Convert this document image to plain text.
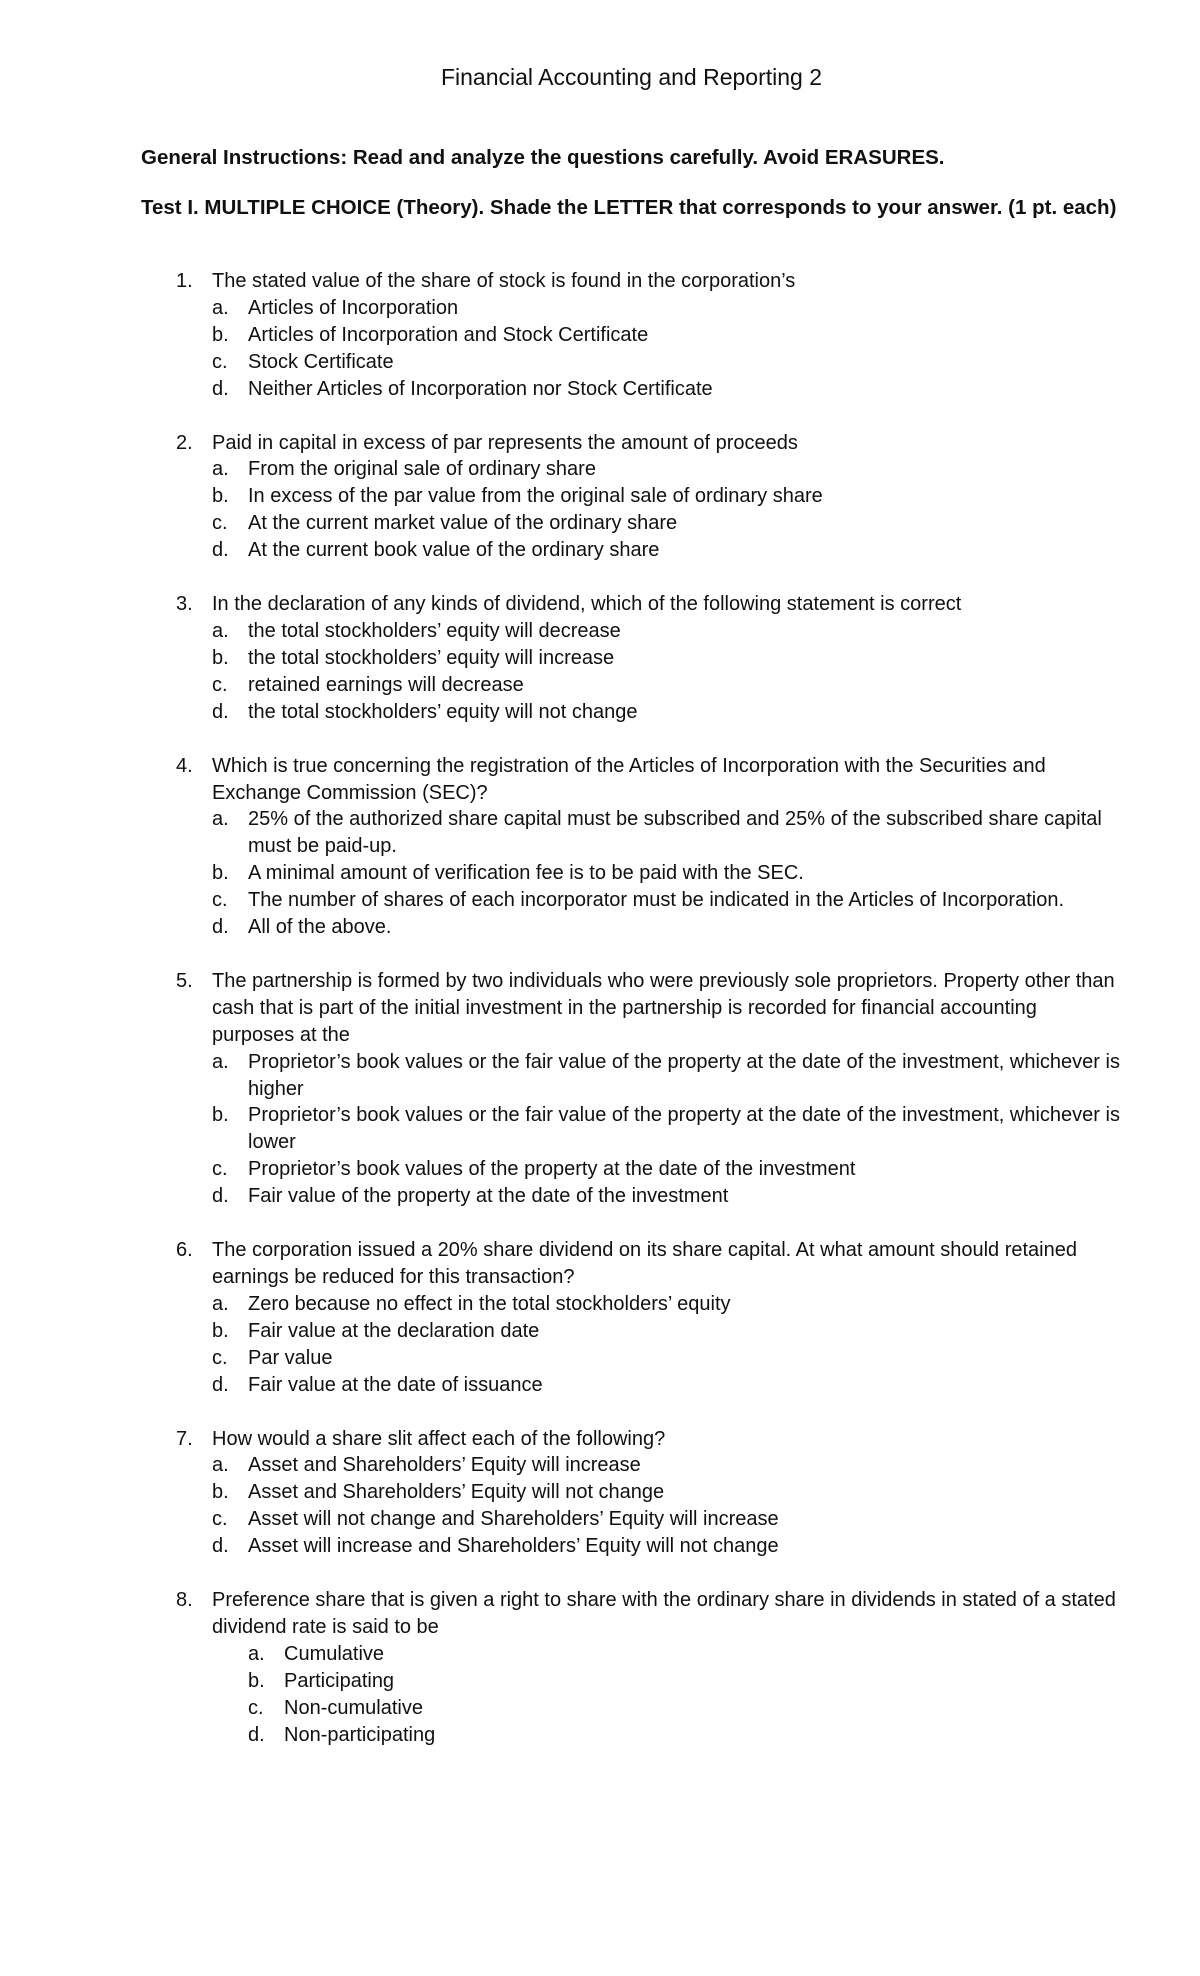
Financial Accounting and Reporting 2
General Instructions: Read and analyze the questions carefully. Avoid ERASURES.
Test I. MULTIPLE CHOICE (Theory). Shade the LETTER that corresponds to your answer. (1 pt. each)
1. The stated value of the share of stock is found in the corporation’s
a. Articles of Incorporation
b. Articles of Incorporation and Stock Certificate
c. Stock Certificate
d. Neither Articles of Incorporation nor Stock Certificate
2. Paid in capital in excess of par represents the amount of proceeds
a. From the original sale of ordinary share
b. In excess of the par value from the original sale of ordinary share
c. At the current market value of the ordinary share
d. At the current book value of the ordinary share
3. In the declaration of any kinds of dividend, which of the following statement is correct
a. the total stockholders’ equity will decrease
b. the total stockholders’ equity will increase
c. retained earnings will decrease
d. the total stockholders’ equity will not change
4. Which is true concerning the registration of the Articles of Incorporation with the Securities and Exchange Commission (SEC)?
a. 25% of the authorized share capital must be subscribed and 25% of the subscribed share capital must be paid-up.
b. A minimal amount of verification fee is to be paid with the SEC.
c. The number of shares of each incorporator must be indicated in the Articles of Incorporation.
d. All of the above.
5. The partnership is formed by two individuals who were previously sole proprietors. Property other than cash that is part of the initial investment in the partnership is recorded for financial accounting purposes at the
a. Proprietor’s book values or the fair value of the property at the date of the investment, whichever is higher
b. Proprietor’s book values or the fair value of the property at the date of the investment, whichever is lower
c. Proprietor’s book values of the property at the date of the investment
d. Fair value of the property at the date of the investment
6. The corporation issued a 20% share dividend on its share capital. At what amount should retained earnings be reduced for this transaction?
a. Zero because no effect in the total stockholders’ equity
b. Fair value at the declaration date
c. Par value
d. Fair value at the date of issuance
7. How would a share slit affect each of the following?
a. Asset and Shareholders’ Equity will increase
b. Asset and Shareholders’ Equity will not change
c. Asset will not change and Shareholders’ Equity will increase
d. Asset will increase and Shareholders’ Equity will not change
8. Preference share that is given a right to share with the ordinary share in dividends in stated of a stated dividend rate is said to be
a. Cumulative
b. Participating
c. Non-cumulative
d. Non-participating
